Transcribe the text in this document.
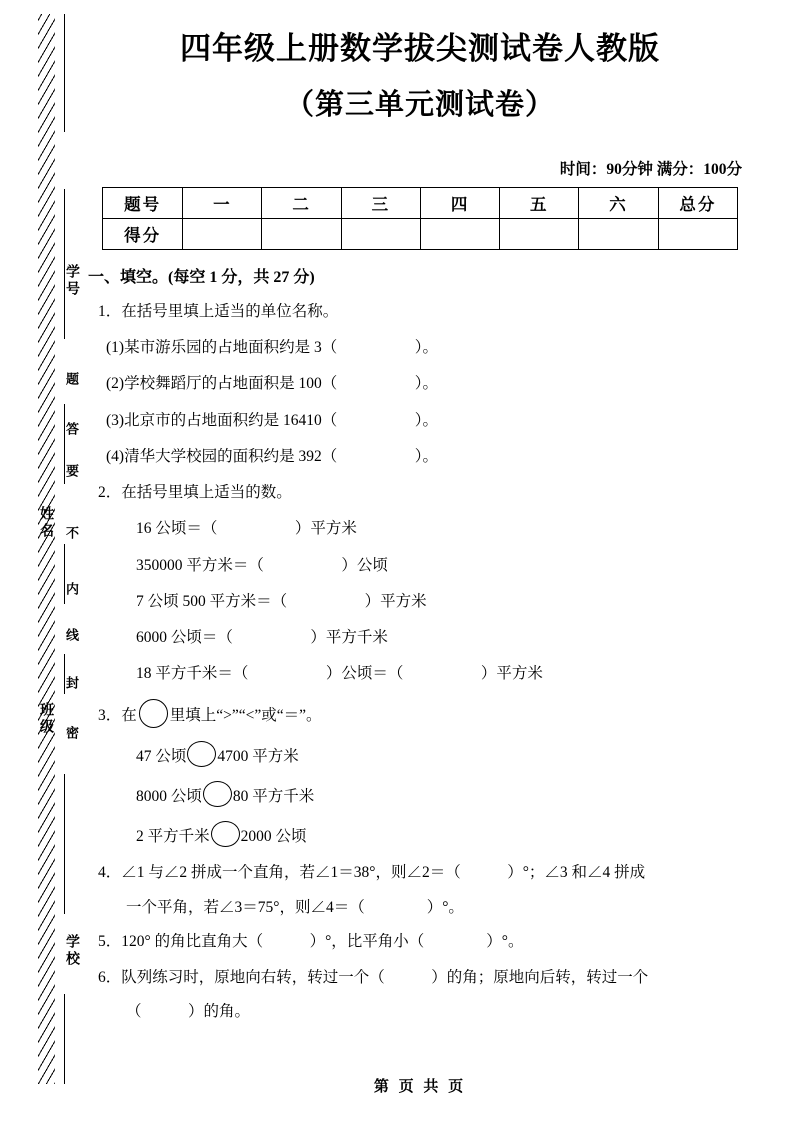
学号
题
答
要
姓名 不
内
线
封
班级 密
学校
四年级上册数学拔尖测试卷人教版
（第三单元测试卷）
时间：90分钟 满分：100分
题号	一	二	三	四	五	六	总分
得分							
一、填空。(每空 1 分，共 27 分)
1．在括号里填上适当的单位名称。
(1)某市游乐园的占地面积约是 3（　　　　　）。
(2)学校舞蹈厅的占地面积是 100（　　　　　）。
(3)北京市的占地面积约是 16410（　　　　　）。
(4)清华大学校园的面积约是 392（　　　　　）。
2．在括号里填上适当的数。
16 公顷＝（　　　　　）平方米
350000 平方米＝（　　　　　）公顷
7 公顷 500 平方米＝（　　　　　）平方米
6000 公顷＝（　　　　　）平方千米
18 平方千米＝（　　　　　）公顷＝（　　　　　）平方米
3．在 里填上“>”“<”或“＝”。
47 公顷 4700 平方米
8000 公顷 80 平方千米
2 平方千米 2000 公顷
4．∠1 与∠2 拼成一个直角，若∠1＝38°，则∠2＝（　　　）°；∠3 和∠4 拼成
一个平角，若∠3＝75°，则∠4＝（　　　　）°。
5．120° 的角比直角大（　　　）°，比平角小（　　　　）°。
6．队列练习时，原地向右转，转过一个（　　　）的角；原地向后转，转过一个
（　　　）的角。
第 页 共 页
